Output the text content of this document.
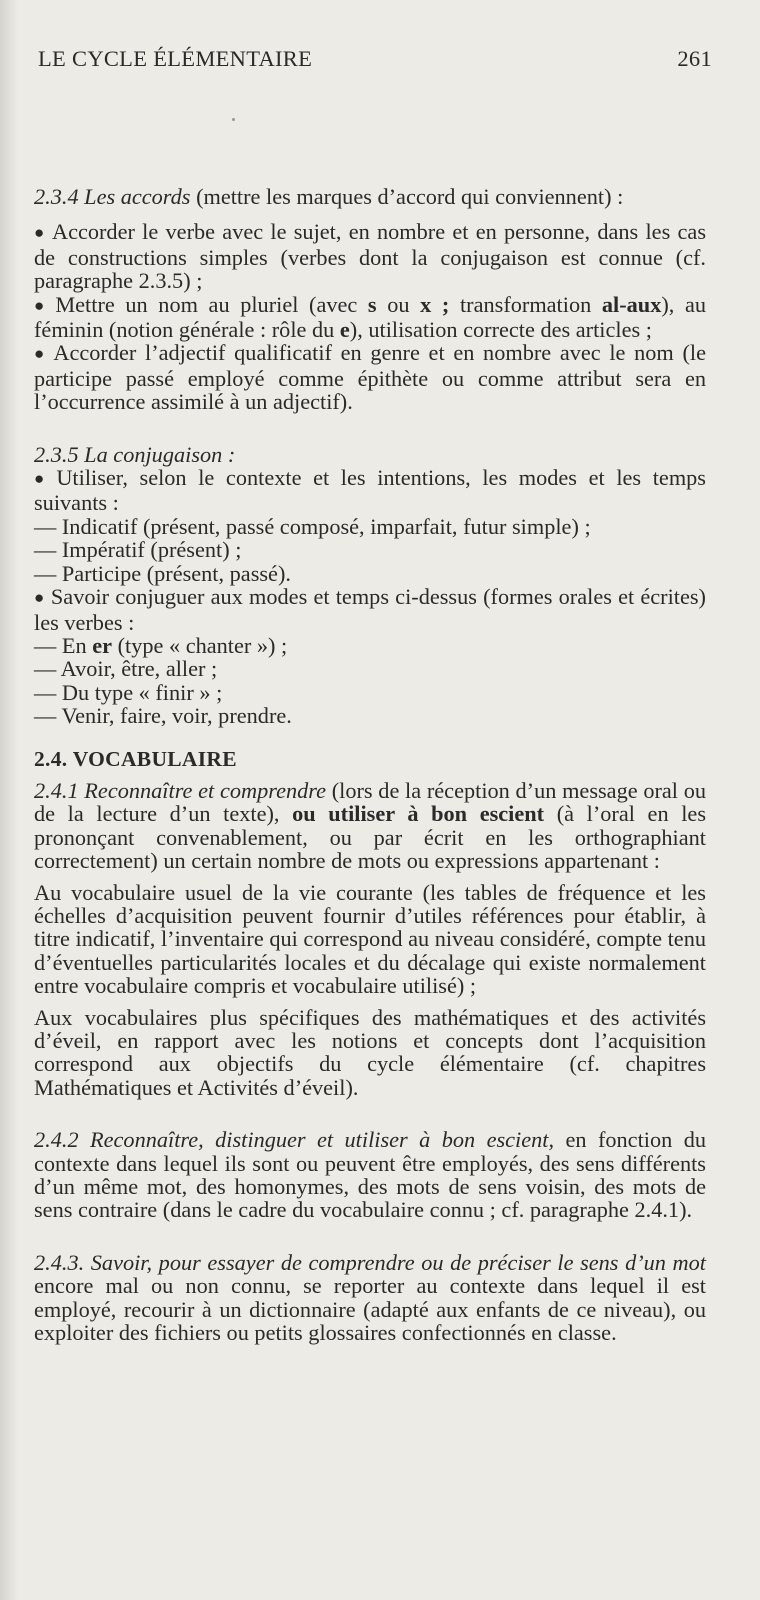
LE CYCLE ÉLÉMENTAIRE	261

2.3.4 Les accords (mettre les marques d’accord qui conviennent) :

● Accorder le verbe avec le sujet, en nombre et en personne, dans les cas de constructions simples (verbes dont la conjugaison est connue (cf. paragraphe 2.3.5) ;

● Mettre un nom au pluriel (avec s ou x ; transformation al-aux), au féminin (notion générale : rôle du e), utilisation correcte des articles ;

● Accorder l’adjectif qualificatif en genre et en nombre avec le nom (le participe passé employé comme épithète ou comme attribut sera en l’occurrence assimilé à un adjectif).

2.3.5 La conjugaison :

● Utiliser, selon le contexte et les intentions, les modes et les temps suivants :

— Indicatif (présent, passé composé, imparfait, futur simple) ;

— Impératif (présent) ;

— Participe (présent, passé).

● Savoir conjuguer aux modes et temps ci-dessus (formes orales et écrites) les verbes :

— En er (type « chanter ») ;

— Avoir, être, aller ;

— Du type « finir » ;

— Venir, faire, voir, prendre.

2.4. VOCABULAIRE

2.4.1 Reconnaître et comprendre (lors de la réception d’un message oral ou de la lecture d’un texte), ou utiliser à bon escient (à l’oral en les prononçant convenablement, ou par écrit en les orthographiant correctement) un certain nombre de mots ou expressions appartenant :

Au vocabulaire usuel de la vie courante (les tables de fréquence et les échelles d’acquisition peuvent fournir d’utiles références pour établir, à titre indicatif, l’inventaire qui correspond au niveau considéré, compte tenu d’éventuelles particularités locales et du décalage qui existe normalement entre vocabulaire compris et vocabulaire utilisé) ;

Aux vocabulaires plus spécifiques des mathématiques et des activités d’éveil, en rapport avec les notions et concepts dont l’acquisition correspond aux objectifs du cycle élémentaire (cf. chapitres Mathématiques et Activités d’éveil).

2.4.2 Reconnaître, distinguer et utiliser à bon escient, en fonction du contexte dans lequel ils sont ou peuvent être employés, des sens différents d’un même mot, des homonymes, des mots de sens voisin, des mots de sens contraire (dans le cadre du vocabulaire connu ; cf. paragraphe 2.4.1).

2.4.3. Savoir, pour essayer de comprendre ou de préciser le sens d’un mot encore mal ou non connu, se reporter au contexte dans lequel il est employé, recourir à un dictionnaire (adapté aux enfants de ce niveau), ou exploiter des fichiers ou petits glossaires confectionnés en classe.
